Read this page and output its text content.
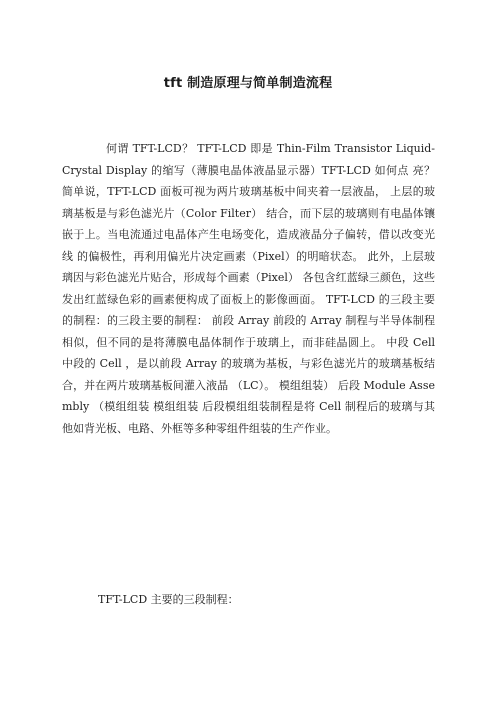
tft 制造原理与简单制造流程

何谓 TFT-LCD？ TFT-LCD 即是 Thin-Film Transistor Liquid-Crystal Display 的缩写（薄膜电晶体液晶显示器）TFT-LCD 如何点 亮？ 简单说，TFT-LCD 面板可视为两片玻璃基板中间夹着一层液晶， 上层的玻璃基板是与彩色滤光片（Color Filter） 结合，而下层的玻璃则有电晶体镶嵌于上。当电流通过电晶体产生电场变化，造成液晶分子偏转，借以改变光线 的偏极性，再利用偏光片决定画素（Pixel）的明暗状态。 此外，上层玻璃因与彩色滤光片贴合，形成每个画素（Pixel） 各包含红蓝绿三颜色，这些发出红蓝绿色彩的画素便构成了面板上的影像画面。 TFT-LCD 的三段主要的制程：的三段主要的制程： 前段 Array 前段的 Array 制程与半导体制程相似，但不同的是将薄膜电晶体制作于玻璃上，而非硅晶圆上。 中段 Cell 中段的 Cell ，是以前段 Array 的玻璃为基板，与彩色滤光片的玻璃基板结合，并在两片玻璃基板间灌入液晶 （LC）。 模组组装） 后段 Module Assembly （模组组装 模组组装 后段模组组装制程是将 Cell 制程后的玻璃与其他如背光板、电路、外框等多种零组件组装的生产作业。

TFT-LCD 主要的三段制程：
